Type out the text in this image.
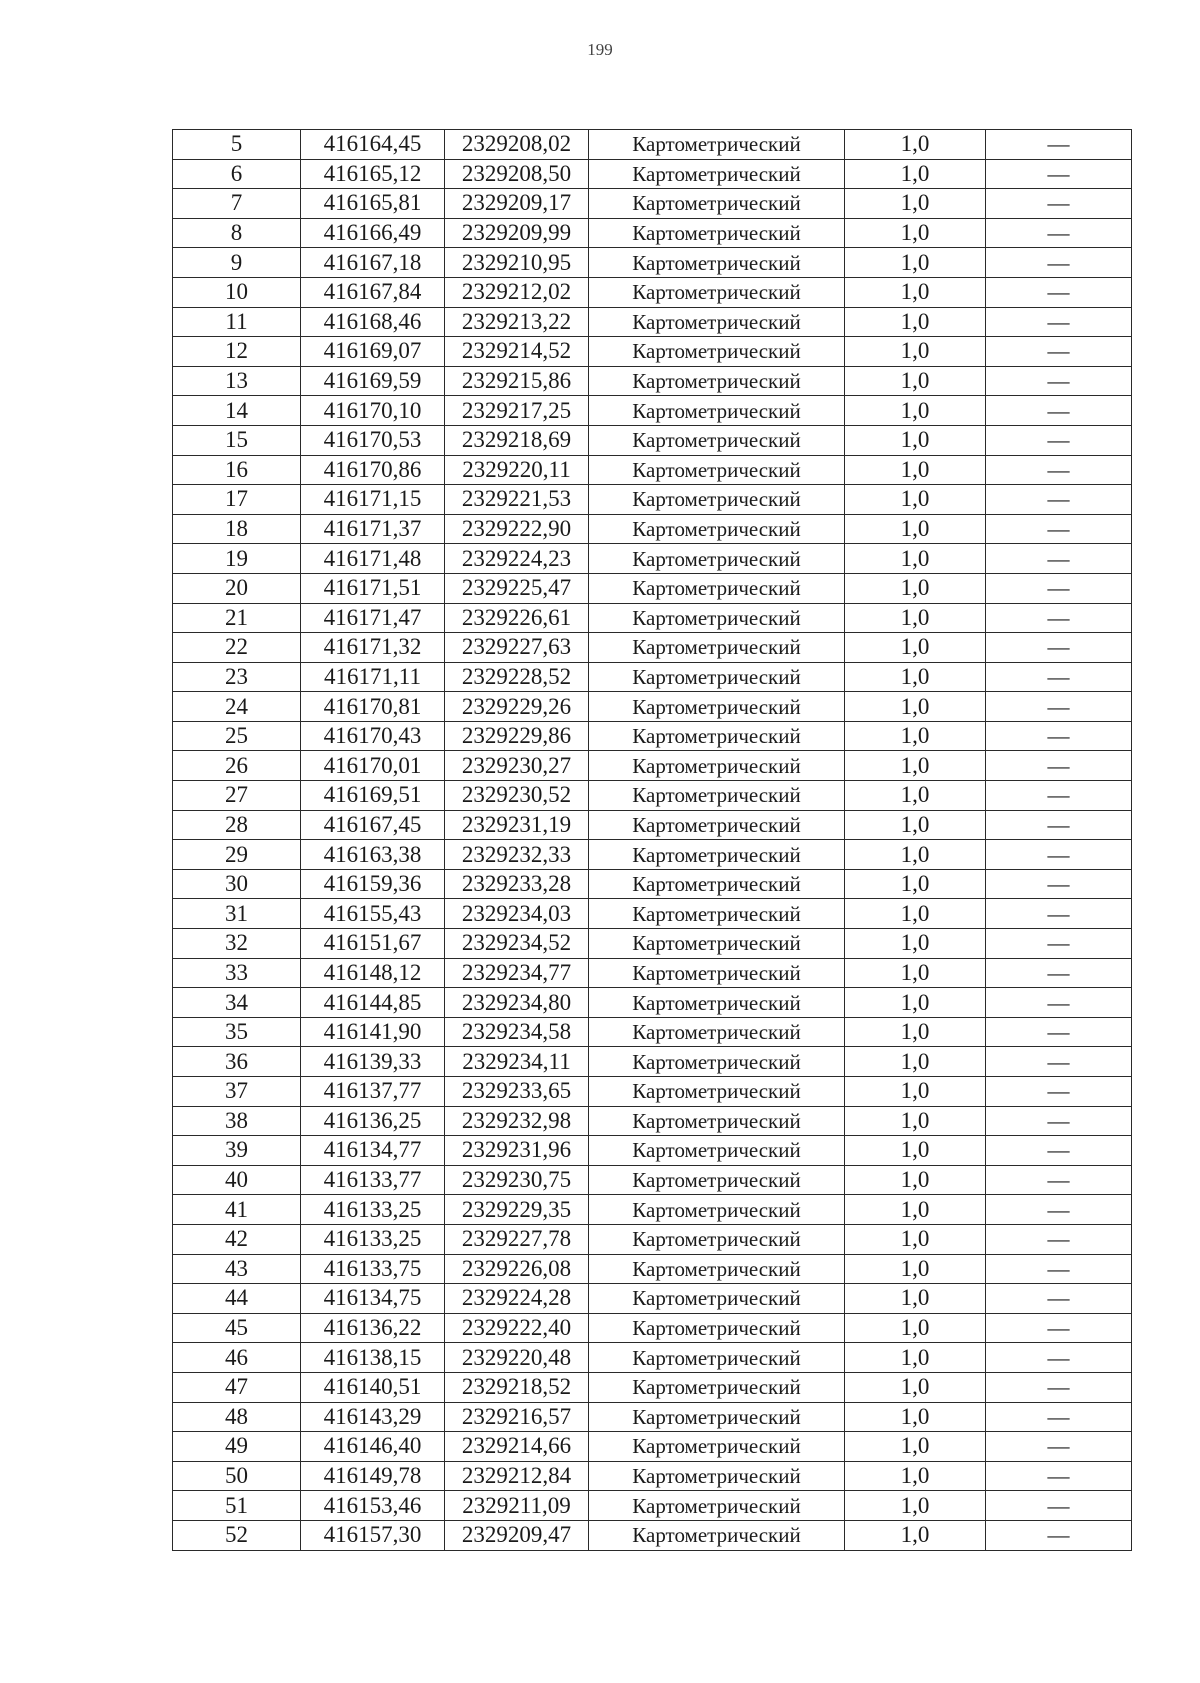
199
5	416164,45	2329208,02	Картометрический	1,0	—
6	416165,12	2329208,50	Картометрический	1,0	—
7	416165,81	2329209,17	Картометрический	1,0	—
8	416166,49	2329209,99	Картометрический	1,0	—
9	416167,18	2329210,95	Картометрический	1,0	—
10	416167,84	2329212,02	Картометрический	1,0	—
11	416168,46	2329213,22	Картометрический	1,0	—
12	416169,07	2329214,52	Картометрический	1,0	—
13	416169,59	2329215,86	Картометрический	1,0	—
14	416170,10	2329217,25	Картометрический	1,0	—
15	416170,53	2329218,69	Картометрический	1,0	—
16	416170,86	2329220,11	Картометрический	1,0	—
17	416171,15	2329221,53	Картометрический	1,0	—
18	416171,37	2329222,90	Картометрический	1,0	—
19	416171,48	2329224,23	Картометрический	1,0	—
20	416171,51	2329225,47	Картометрический	1,0	—
21	416171,47	2329226,61	Картометрический	1,0	—
22	416171,32	2329227,63	Картометрический	1,0	—
23	416171,11	2329228,52	Картометрический	1,0	—
24	416170,81	2329229,26	Картометрический	1,0	—
25	416170,43	2329229,86	Картометрический	1,0	—
26	416170,01	2329230,27	Картометрический	1,0	—
27	416169,51	2329230,52	Картометрический	1,0	—
28	416167,45	2329231,19	Картометрический	1,0	—
29	416163,38	2329232,33	Картометрический	1,0	—
30	416159,36	2329233,28	Картометрический	1,0	—
31	416155,43	2329234,03	Картометрический	1,0	—
32	416151,67	2329234,52	Картометрический	1,0	—
33	416148,12	2329234,77	Картометрический	1,0	—
34	416144,85	2329234,80	Картометрический	1,0	—
35	416141,90	2329234,58	Картометрический	1,0	—
36	416139,33	2329234,11	Картометрический	1,0	—
37	416137,77	2329233,65	Картометрический	1,0	—
38	416136,25	2329232,98	Картометрический	1,0	—
39	416134,77	2329231,96	Картометрический	1,0	—
40	416133,77	2329230,75	Картометрический	1,0	—
41	416133,25	2329229,35	Картометрический	1,0	—
42	416133,25	2329227,78	Картометрический	1,0	—
43	416133,75	2329226,08	Картометрический	1,0	—
44	416134,75	2329224,28	Картометрический	1,0	—
45	416136,22	2329222,40	Картометрический	1,0	—
46	416138,15	2329220,48	Картометрический	1,0	—
47	416140,51	2329218,52	Картометрический	1,0	—
48	416143,29	2329216,57	Картометрический	1,0	—
49	416146,40	2329214,66	Картометрический	1,0	—
50	416149,78	2329212,84	Картометрический	1,0	—
51	416153,46	2329211,09	Картометрический	1,0	—
52	416157,30	2329209,47	Картометрический	1,0	—
